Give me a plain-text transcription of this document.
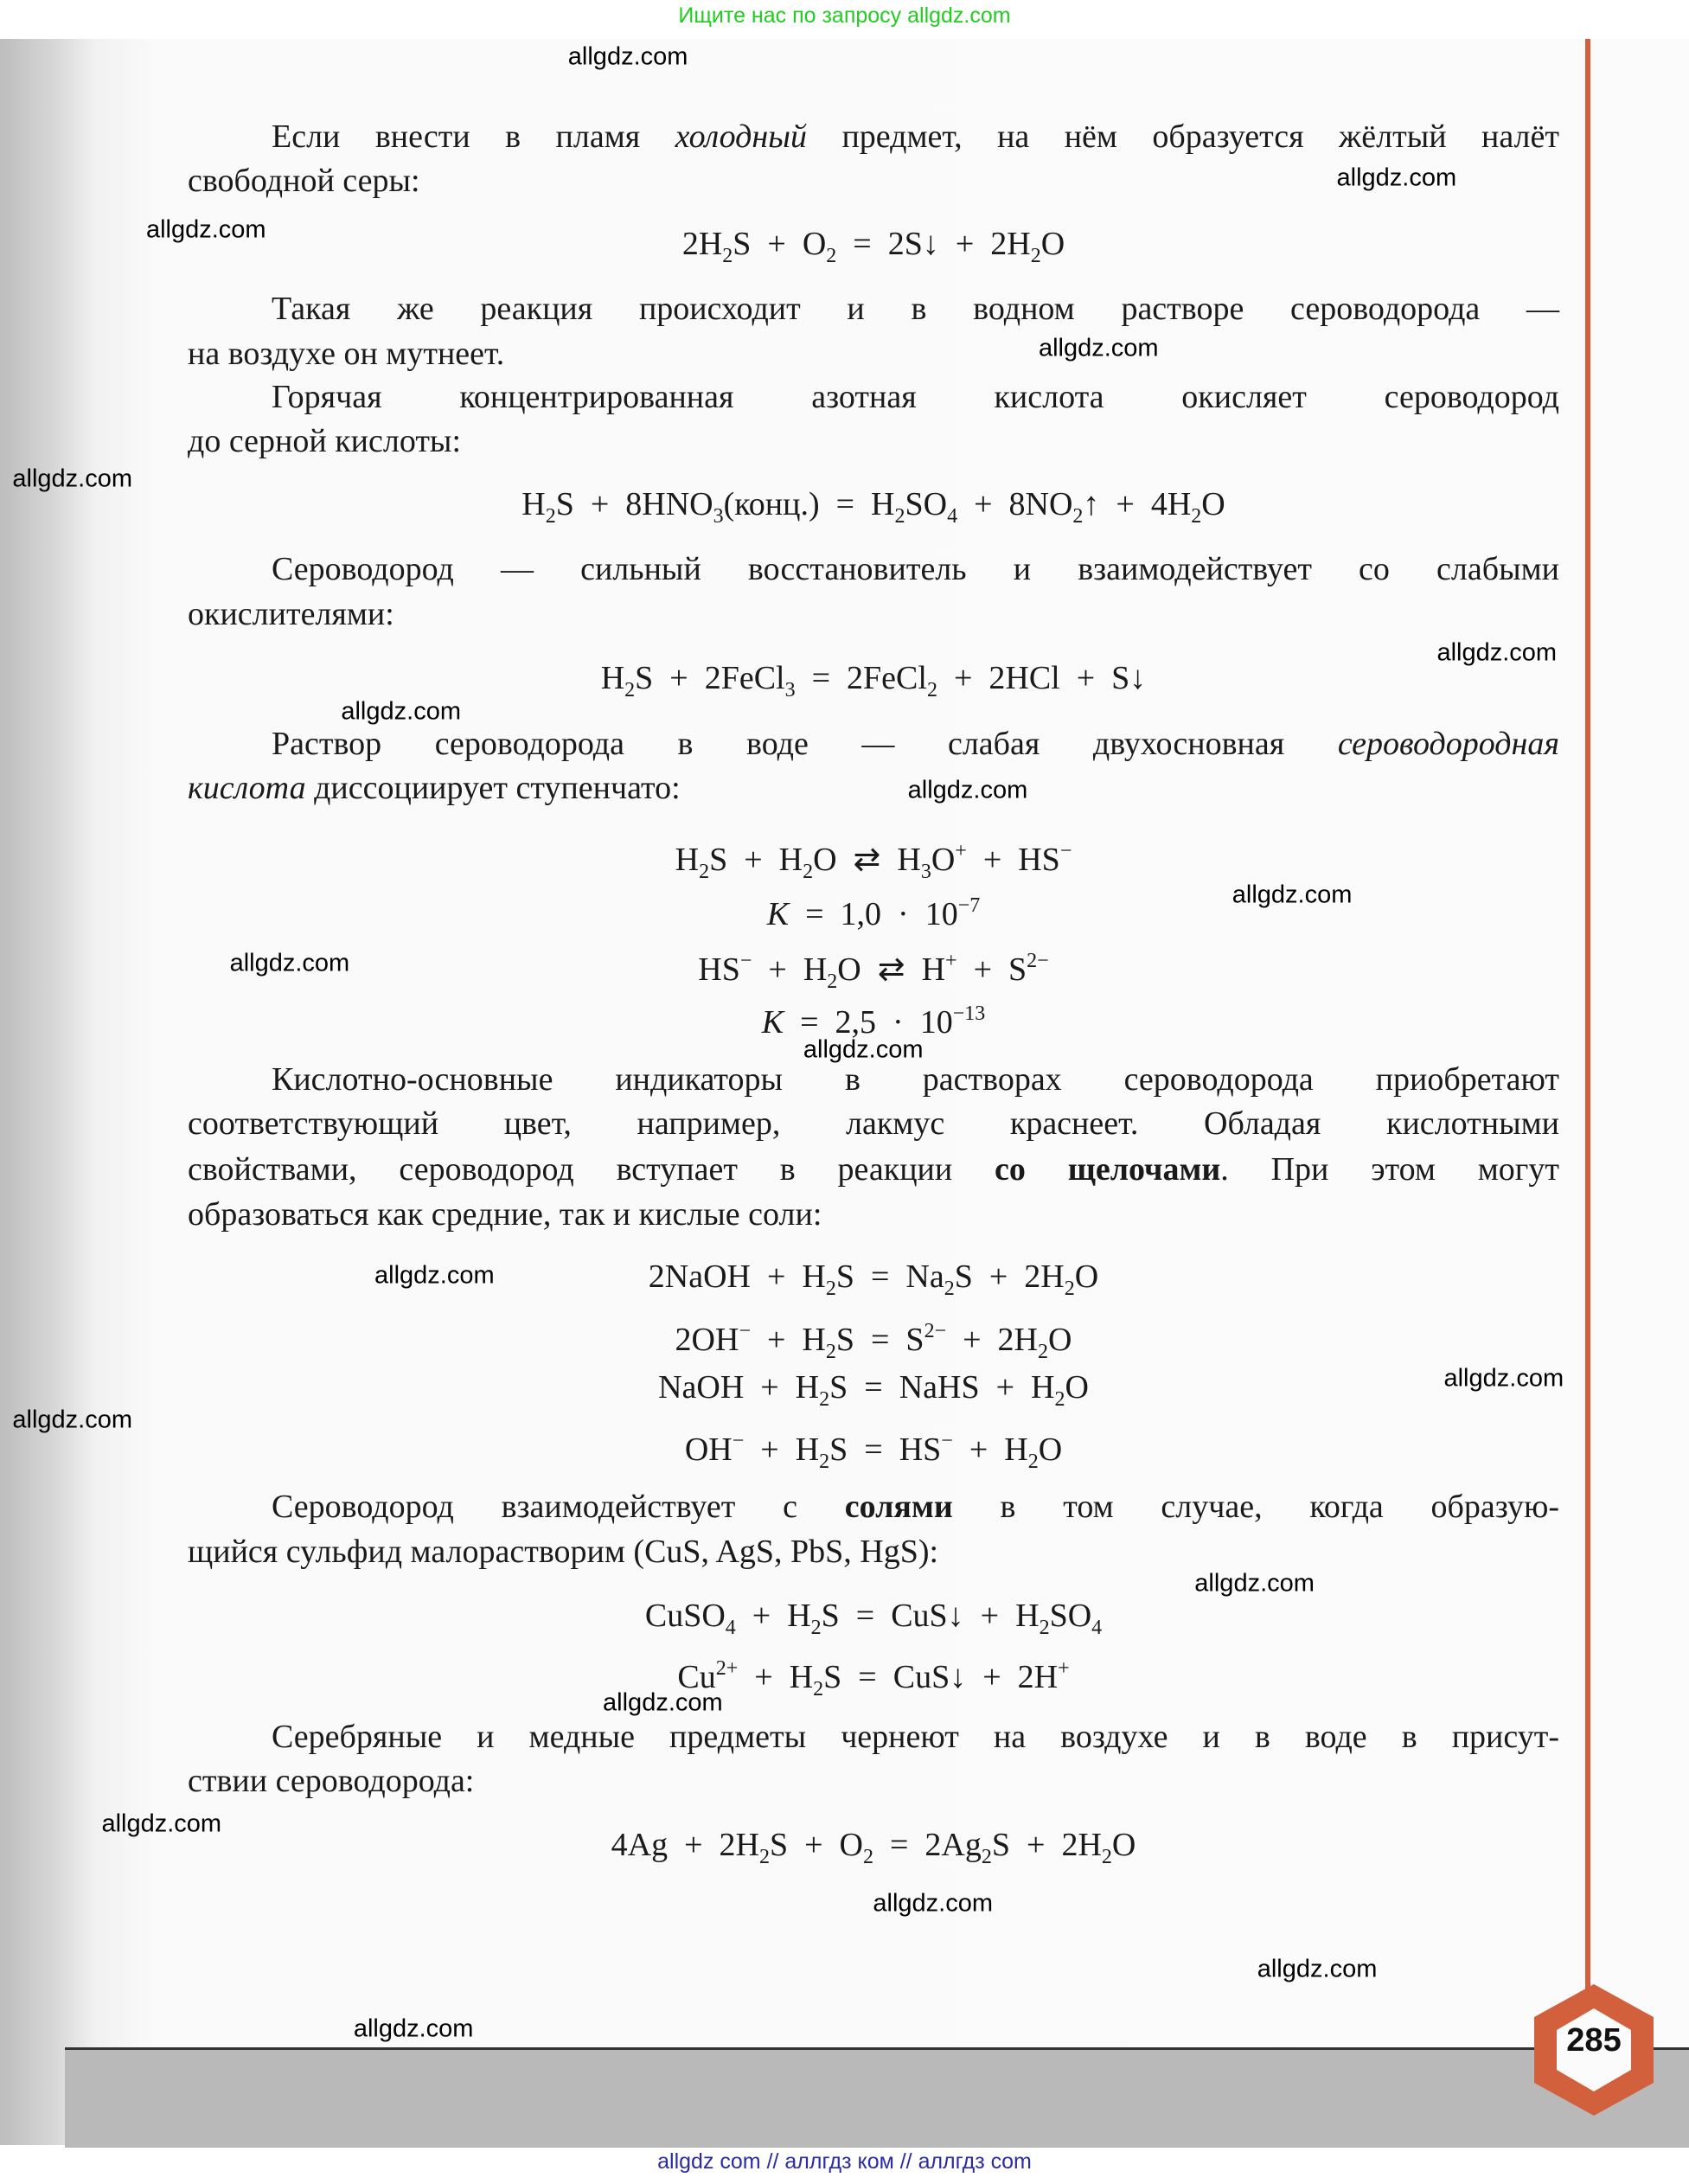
285
Ищите нас по запросу allgdz.com
allgdz com // аллгдз ком // аллгдз com
Если внести в пламя холодный предмет, на нём образуется жёлтый налёт
свободной серы:
$2H_2S + O_2$  =  2S↓  +  $2H_2O$
Такая же реакция происходит и в водном растворе сероводорода —
на воздухе он мутнеет.
Горячая концентрированная азотная кислота окисляет сероводород
до серной кислоты:
$H_2S$  +  $8HNO_3(конц.) = H_2SO_4$  +  $8NO_2↑ + 4H_2O$
Сероводород — сильный восстановитель и взаимодействует со слабыми
окислителями:
$H_2S$  +  2FeCl$_3$  =  2FeCl$_2$  +  2HCl  +  S↓
Раствор сероводорода в воде — слабая двухосновная сероводородная
кислота диссоциирует ступенчато:
$H_2S + H_2O$  ⇄  $H_3O^+ + HS^-$
$K = 1,0 \cdot 10^{-7}$
$HS^- + H_2O$  ⇄  $H^+ + S^{2-}$
$K = 2,5 \cdot 10^{-13}$
Кислотно-основные индикаторы в растворах сероводорода приобретают
соответствующий цвет, например, лакмус краснеет. Обладая кислотными
свойствами, сероводород вступает в реакции со щелочами. При этом могут
образоваться как средние, так и кислые соли:
2NaOH  +  $H_2S = Na_2S + 2H_2O$
$2OH^- + H_2S = S^{2-} + 2H_2O$
NaOH  +  $H_2S$  =  NaHS  +  $H_2O$
$OH^- + H_2S = HS^- + H_2O$
Сероводород взаимодействует с солями в том случае, когда образую-
щийся сульфид малорастворим (CuS, AgS, PbS, HgS):
CuSO$_4$  +  $H_2S$  =  CuS↓  +  $H_2SO_4$
$Cu^{2+} + H_2S$  =  CuS↓  +  2H+
Серебряные и медные предметы чернеют на воздухе и в воде в присут-
ствии сероводорода:
$4Ag + 2H_2S + O_2 = 2Ag_2S + 2H_2O$
allgdz.com
allgdz.com
allgdz.com
allgdz.com
allgdz.com
allgdz.com
allgdz.com
allgdz.com
allgdz.com
allgdz.com
allgdz.com
allgdz.com
allgdz.com
allgdz.com
allgdz.com
allgdz.com
allgdz.com
allgdz.com
allgdz.com
allgdz.com
